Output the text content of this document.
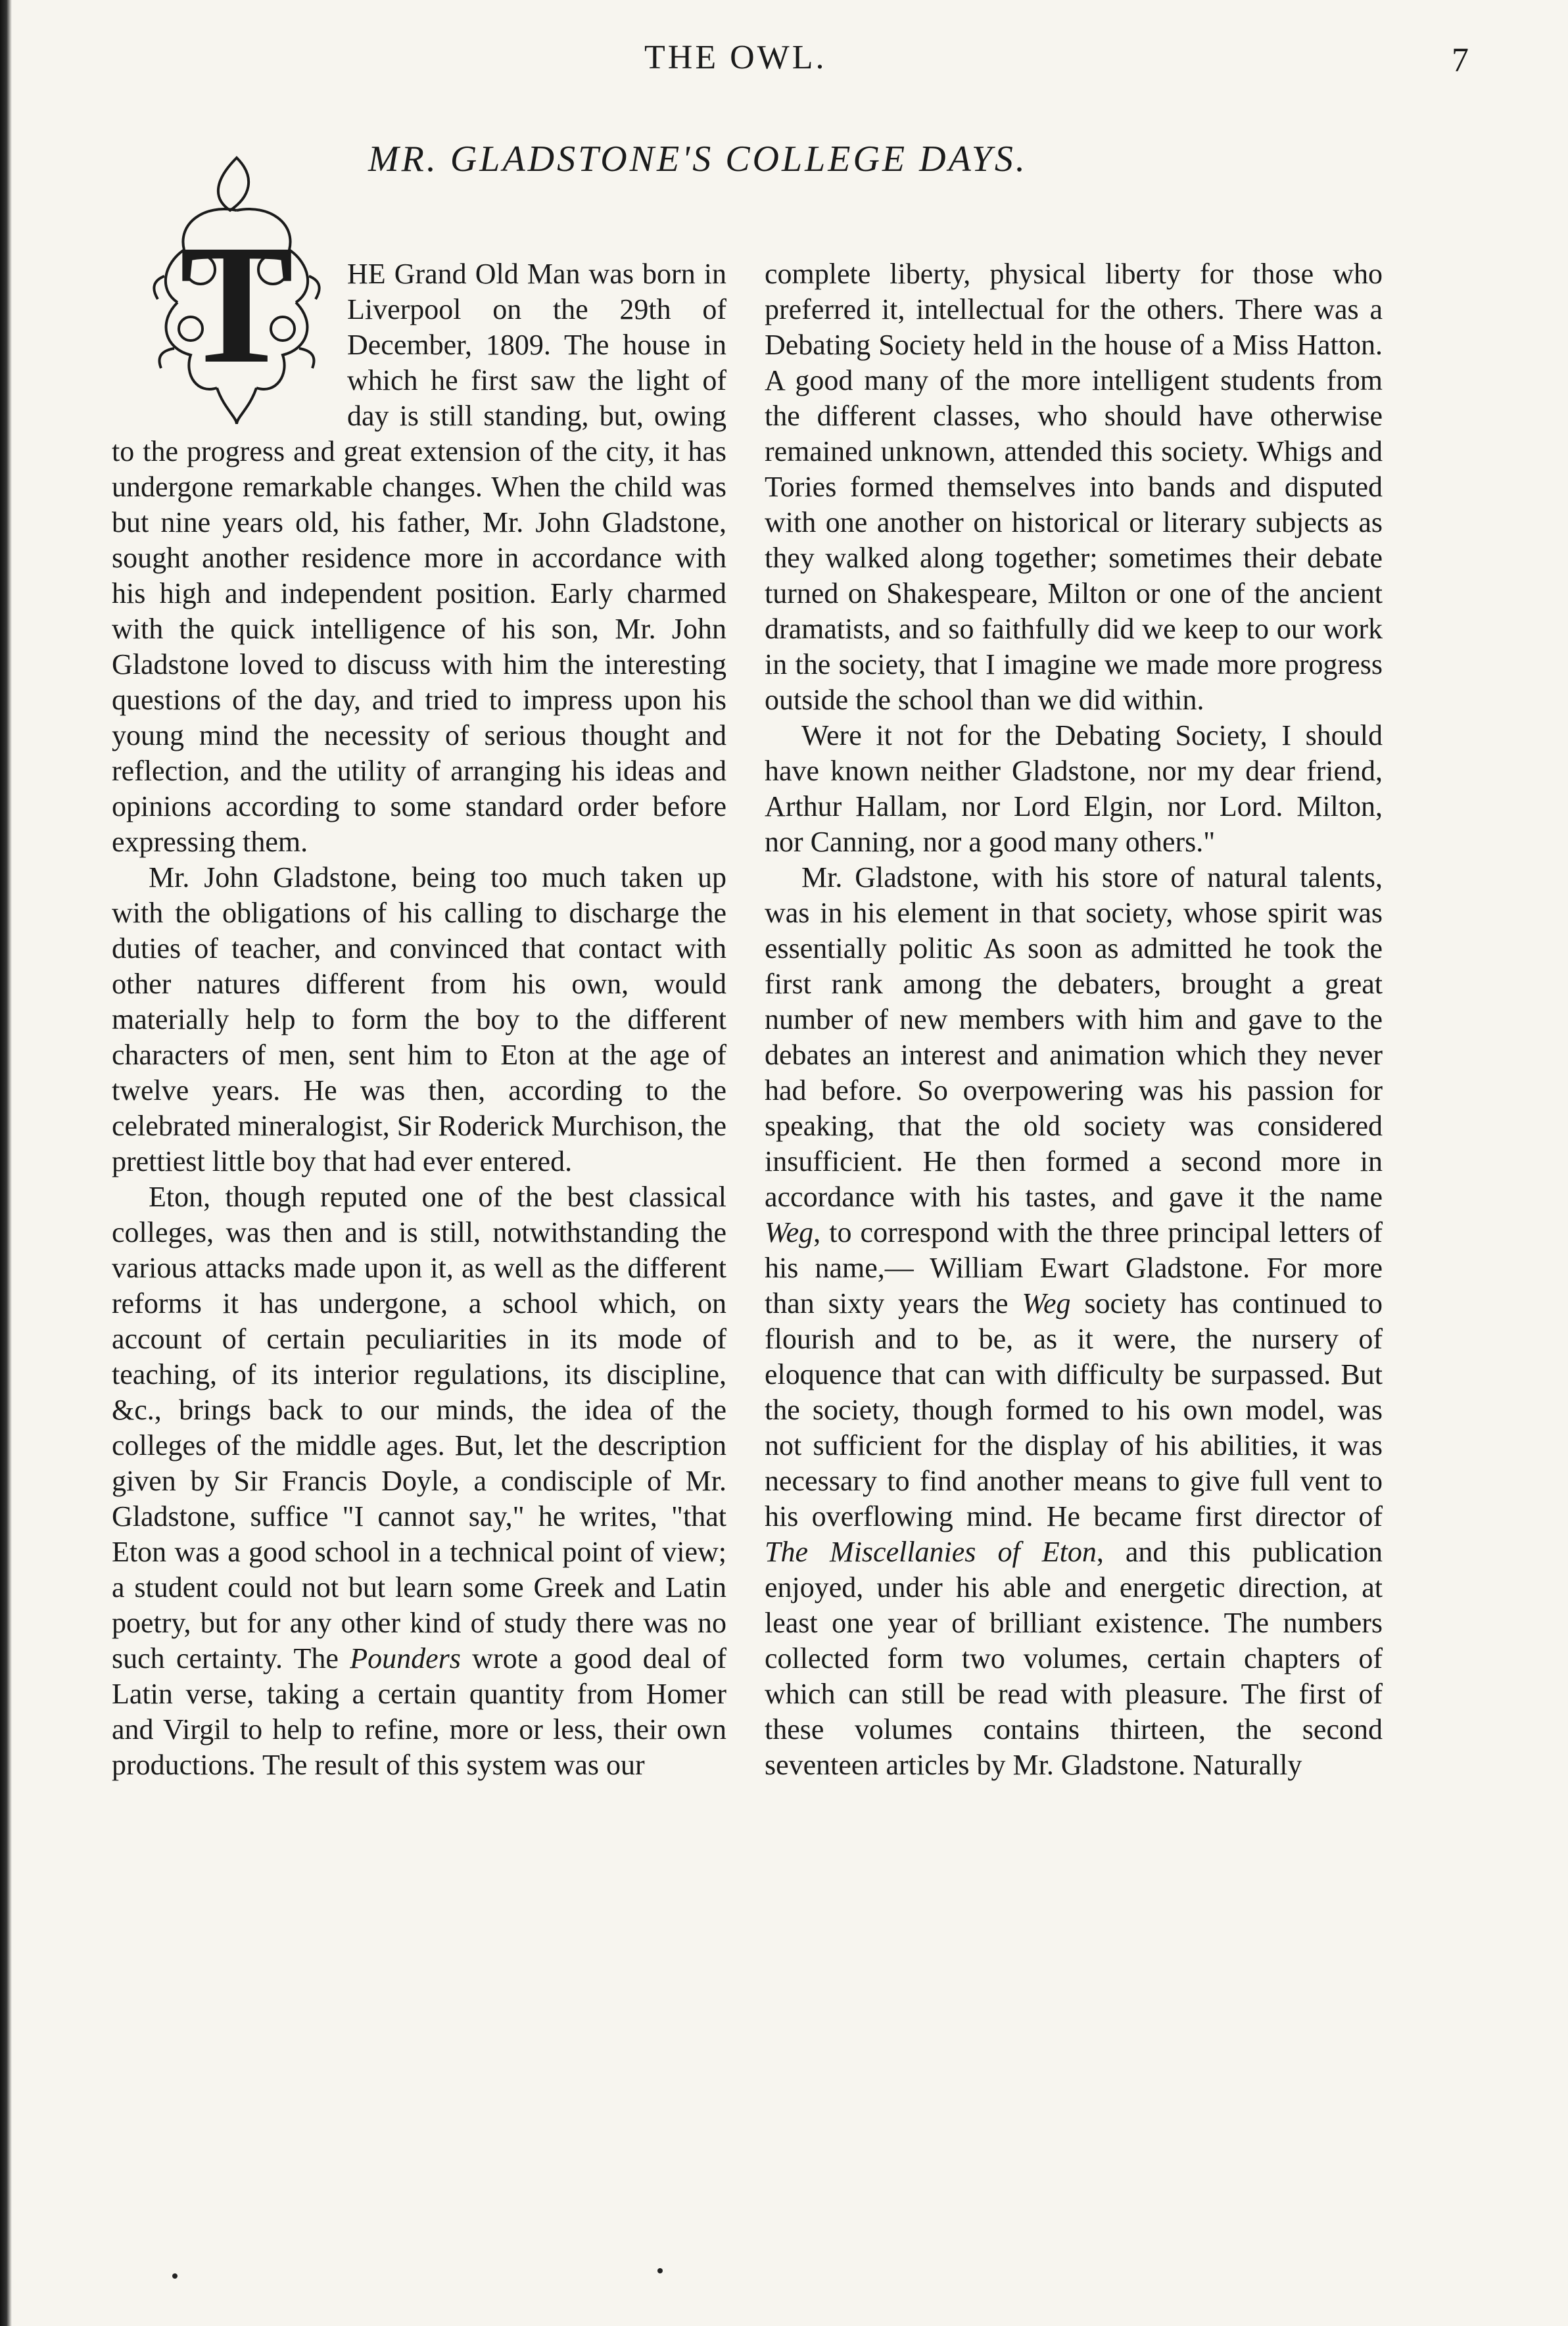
THE OWL.	7
MR. GLADSTONE'S COLLEGE DAYS.

T HE Grand Old Man was born in Liverpool on the 29th of December, 1809. The house in which he first saw the light of day is still standing, but, owing to the progress and great extension of the city, it has undergone remarkable changes. When the child was but nine years old, his father, Mr. John Gladstone, sought another residence more in accordance with his high and independent position. Early charmed with the quick intelligence of his son, Mr. John Gladstone loved to discuss with him the interesting questions of the day, and tried to impress upon his young mind the necessity of serious thought and reflection, and the utility of arranging his ideas and opinions according to some standard order before expressing them.

Mr. John Gladstone, being too much taken up with the obligations of his calling to discharge the duties of teacher, and convinced that contact with other natures different from his own, would materially help to form the boy to the different characters of men, sent him to Eton at the age of twelve years. He was then, according to the celebrated mineralogist, Sir Roderick Murchison, the prettiest little boy that had ever entered.

Eton, though reputed one of the best classical colleges, was then and is still, notwithstanding the various attacks made upon it, as well as the different reforms it has undergone, a school which, on account of certain peculiarities in its mode of teaching, of its interior regulations, its discipline, &c., brings back to our minds, the idea of the colleges of the middle ages. But, let the description given by Sir Francis Doyle, a condisciple of Mr. Gladstone, suffice "I cannot say," he writes, "that Eton was a good school in a technical point of view; a student could not but learn some Greek and Latin poetry, but for any other kind of study there was no such certainty. The Pounders wrote a good deal of Latin verse, taking a certain quantity from Homer and Virgil to help to refine, more or less, their own productions. The result of this system was our

complete liberty, physical liberty for those who preferred it, intellectual for the others. There was a Debating Society held in the house of a Miss Hatton. A good many of the more intelligent students from the different classes, who should have otherwise remained unknown, attended this society. Whigs and Tories formed themselves into bands and disputed with one another on historical or literary subjects as they walked along together; sometimes their debate turned on Shakespeare, Milton or one of the ancient dramatists, and so faithfully did we keep to our work in the society, that I imagine we made more progress outside the school than we did within.

Were it not for the Debating Society, I should have known neither Gladstone, nor my dear friend, Arthur Hallam, nor Lord Elgin, nor Lord. Milton, nor Canning, nor a good many others."

Mr. Gladstone, with his store of natural talents, was in his element in that society, whose spirit was essentially politic As soon as admitted he took the first rank among the debaters, brought a great number of new members with him and gave to the debates an interest and animation which they never had before. So overpowering was his passion for speaking, that the old society was considered insufficient. He then formed a second more in accordance with his tastes, and gave it the name Weg, to correspond with the three principal letters of his name,— William Ewart Gladstone. For more than sixty years the Weg society has continued to flourish and to be, as it were, the nursery of eloquence that can with difficulty be surpassed. But the society, though formed to his own model, was not sufficient for the display of his abilities, it was necessary to find another means to give full vent to his overflowing mind. He became first director of The Miscellanies of Eton, and this publication enjoyed, under his able and energetic direction, at least one year of brilliant existence. The numbers collected form two volumes, certain chapters of which can still be read with pleasure. The first of these volumes contains thirteen, the second seventeen articles by Mr. Gladstone. Naturally
